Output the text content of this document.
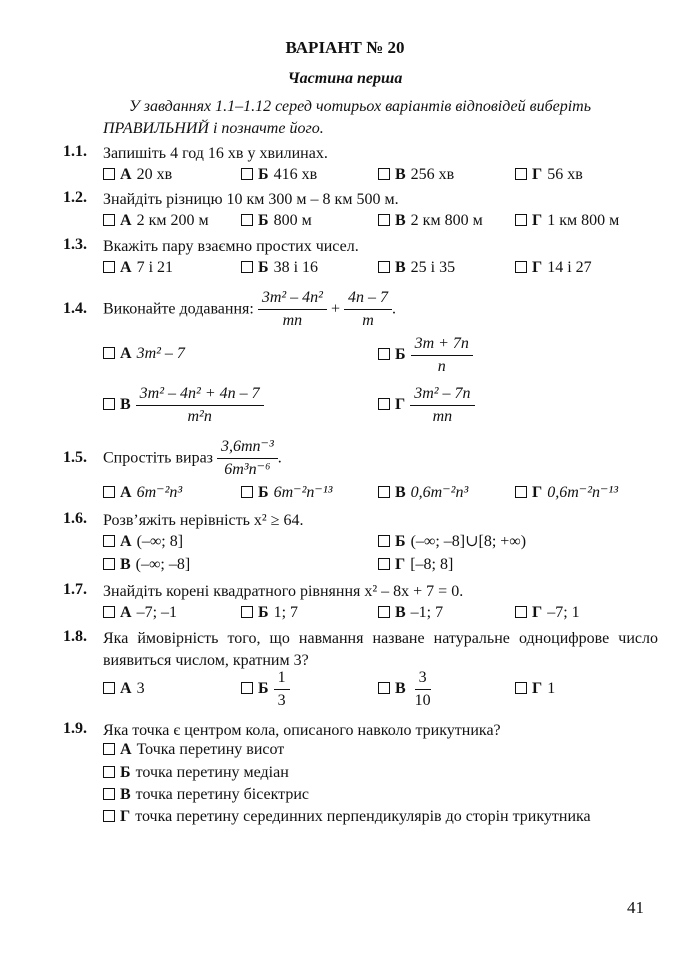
ВАРІАНТ № 20
Частина перша
У завданнях 1.1–1.12 серед чотирьох варіантів відповідей виберіть ПРАВИЛЬНИЙ і позначте його.
1.1. Запишіть 4 год 16 хв у хвилинах.
А 20 хв	Б 416 хв	В 256 хв	Г 56 хв
1.2. Знайдіть різницю 10 км 300 м – 8 км 500 м.
А 2 км 200 м	Б 800 м	В 2 км 800 м	Г 1 км 800 м
1.3. Вкажіть пару взаємно простих чисел.
А 7 і 21	Б 38 і 16	В 25 і 35	Г 14 і 27
1.4. Виконайте додавання: $\frac{\text{3m² – 4n²}}{mn} + \frac{4n - 7}{m}$ .
А 3m² – 7	Б $\frac{3m + 7n}{n}$
В $\frac{\text{3m² – 4n² + 4n – 7}}{\text{m²n}}$	Г $\frac{\text{3m² – 7n}}{mn}$
1.5. Спростіть вираз $\frac{\text{3,6mn⁻³}}{\text{6m³n⁻⁶}}$ .
А 6m⁻²n³	Б 6m⁻²n⁻¹³	В 0,6m⁻²n³	Г 0,6m⁻²n⁻¹³
1.6. Розв’яжіть нерівність x² ≥ 64.
А (–∞; 8]	Б (–∞; –8]∪[8; +∞)
В (–∞; –8]	Г [–8; 8]
1.7. Знайдіть корені квадратного рівняння x² – 8x + 7 = 0.
А –7; –1	Б 1; 7	В –1; 7	Г –7; 1
1.8. Яка ймовірність того, що навмання назване натуральне одноцифрове число виявиться числом, кратним 3?
А 3	Б $\frac{1}{3}$	В $\frac{3}{10}$	Г 1
1.9. Яка точка є центром кола, описаного навколо трикутника?
А Точка перетину висот
Б точка перетину медіан
В точка перетину бісектрис
Г точка перетину серединних перпендикулярів до сторін трикутника
41
